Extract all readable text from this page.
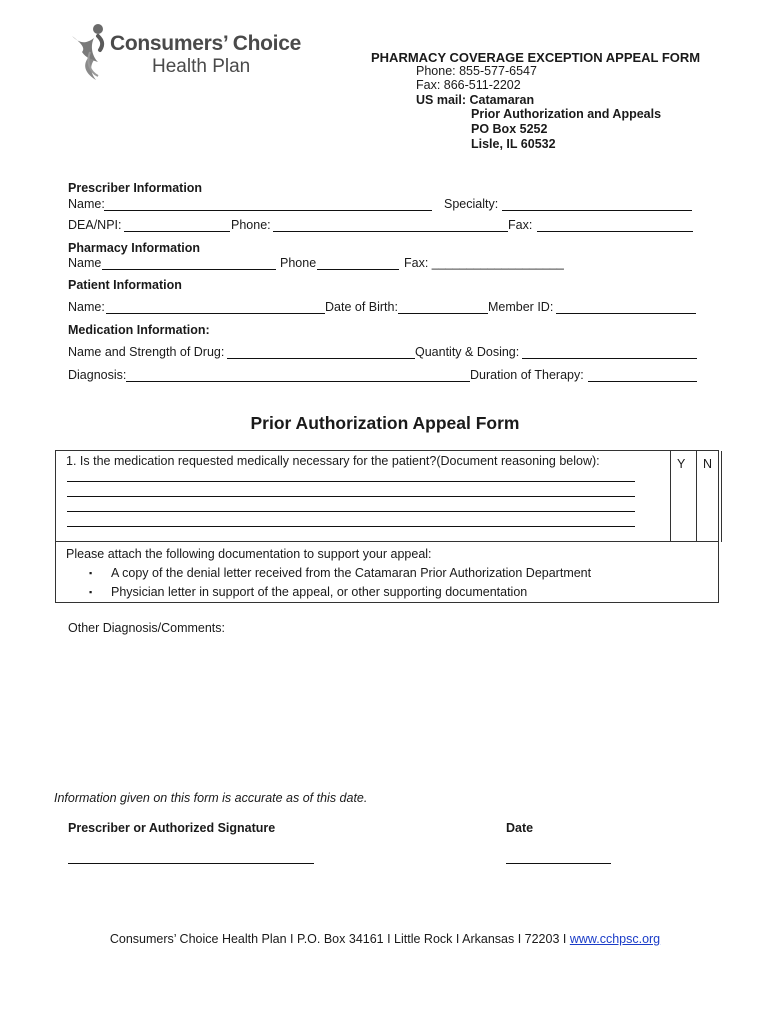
Consumers’ Choice
Health Plan	PHARMACY COVERAGE EXCEPTION APPEAL FORM
Phone: 855-577-6547
Fax: 866-511-2202
US mail: Catamaran
Prior Authorization and Appeals
PO Box 5252
Lisle, IL 60532
Prescriber Information
Name:	Specialty:
DEA/NPI:	Phone:	Fax:
Pharmacy Information
Name	Phone	Fax: ___________________
Patient Information
Name:	Date of Birth:	Member ID:
Medication Information:
Name and Strength of Drug:	Quantity & Dosing:
Diagnosis:	Duration of Therapy:
Prior Authorization Appeal Form
1. Is the medication requested medically necessary for the patient?(Document reasoning below):	Y N
Please attach the following documentation to support your appeal:
▪ A copy of the denial letter received from the Catamaran Prior Authorization Department
▪ Physician letter in support of the appeal, or other supporting documentation
Other Diagnosis/Comments:
Information given on this form is accurate as of this date.
Prescriber or Authorized Signature	Date
Consumers’ Choice Health Plan I P.O. Box 34161 I Little Rock I Arkansas I 72203 I www.cchpsc.org
